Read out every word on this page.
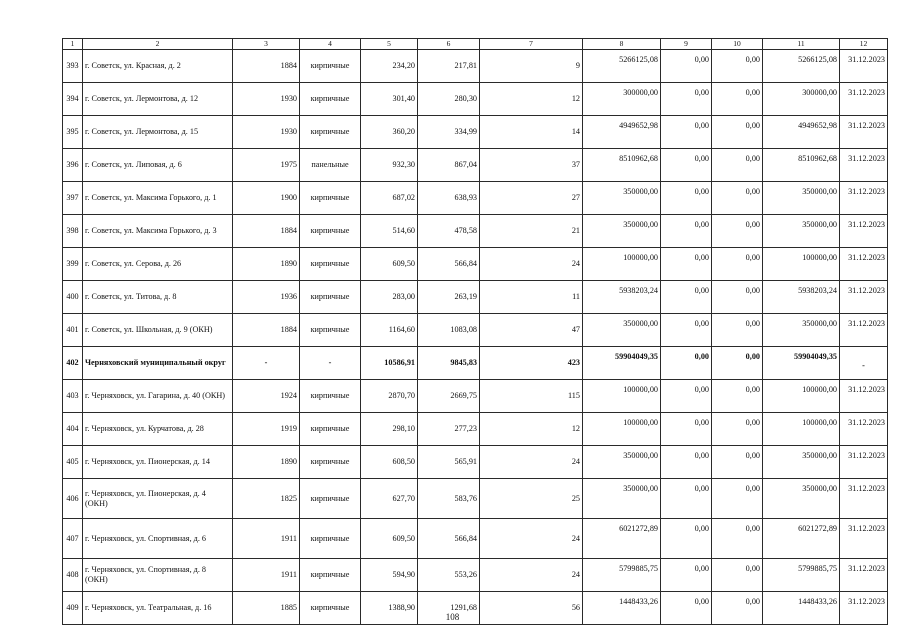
1	2	3	4	5	6	7	8	9	10	11	12
393	г. Советск, ул. Красная, д. 2	1884	кирпичные	234,20	217,81	9	5266125,08	0,00	0,00	5266125,08	31.12.2023
394	г. Советск, ул. Лермонтова, д. 12	1930	кирпичные	301,40	280,30	12	300000,00	0,00	0,00	300000,00	31.12.2023
395	г. Советск, ул. Лермонтова, д. 15	1930	кирпичные	360,20	334,99	14	4949652,98	0,00	0,00	4949652,98	31.12.2023
396	г. Советск, ул. Липовая, д. 6	1975	панельные	932,30	867,04	37	8510962,68	0,00	0,00	8510962,68	31.12.2023
397	г. Советск, ул. Максима Горького, д. 1	1900	кирпичные	687,02	638,93	27	350000,00	0,00	0,00	350000,00	31.12.2023
398	г. Советск, ул. Максима Горького, д. 3	1884	кирпичные	514,60	478,58	21	350000,00	0,00	0,00	350000,00	31.12.2023
399	г. Советск, ул. Серова, д. 26	1890	кирпичные	609,50	566,84	24	100000,00	0,00	0,00	100000,00	31.12.2023
400	г. Советск, ул. Титова, д. 8	1936	кирпичные	283,00	263,19	11	5938203,24	0,00	0,00	5938203,24	31.12.2023
401	г. Советск, ул. Школьная, д. 9 (ОКН)	1884	кирпичные	1164,60	1083,08	47	350000,00	0,00	0,00	350000,00	31.12.2023
402	Черняховский муниципальный округ	-	-	10586,91	9845,83	423	59904049,35	0,00	0,00	59904049,35	-
403	г. Черняховск, ул. Гагарина, д. 40 (ОКН)	1924	кирпичные	2870,70	2669,75	115	100000,00	0,00	0,00	100000,00	31.12.2023
404	г. Черняховск, ул. Курчатова, д. 28	1919	кирпичные	298,10	277,23	12	100000,00	0,00	0,00	100000,00	31.12.2023
405	г. Черняховск, ул. Пионерская, д. 14	1890	кирпичные	608,50	565,91	24	350000,00	0,00	0,00	350000,00	31.12.2023
406	г. Черняховск, ул. Пионерская, д. 4 (ОКН)	1825	кирпичные	627,70	583,76	25	350000,00	0,00	0,00	350000,00	31.12.2023
407	г. Черняховск, ул. Спортивная, д. 6	1911	кирпичные	609,50	566,84	24	6021272,89	0,00	0,00	6021272,89	31.12.2023
408	г. Черняховск, ул. Спортивная, д. 8 (ОКН)	1911	кирпичные	594,90	553,26	24	5799885,75	0,00	0,00	5799885,75	31.12.2023
409	г. Черняховск, ул. Театральная, д. 16	1885	кирпичные	1388,90	1291,68	56	1448433,26	0,00	0,00	1448433,26	31.12.2023
108
